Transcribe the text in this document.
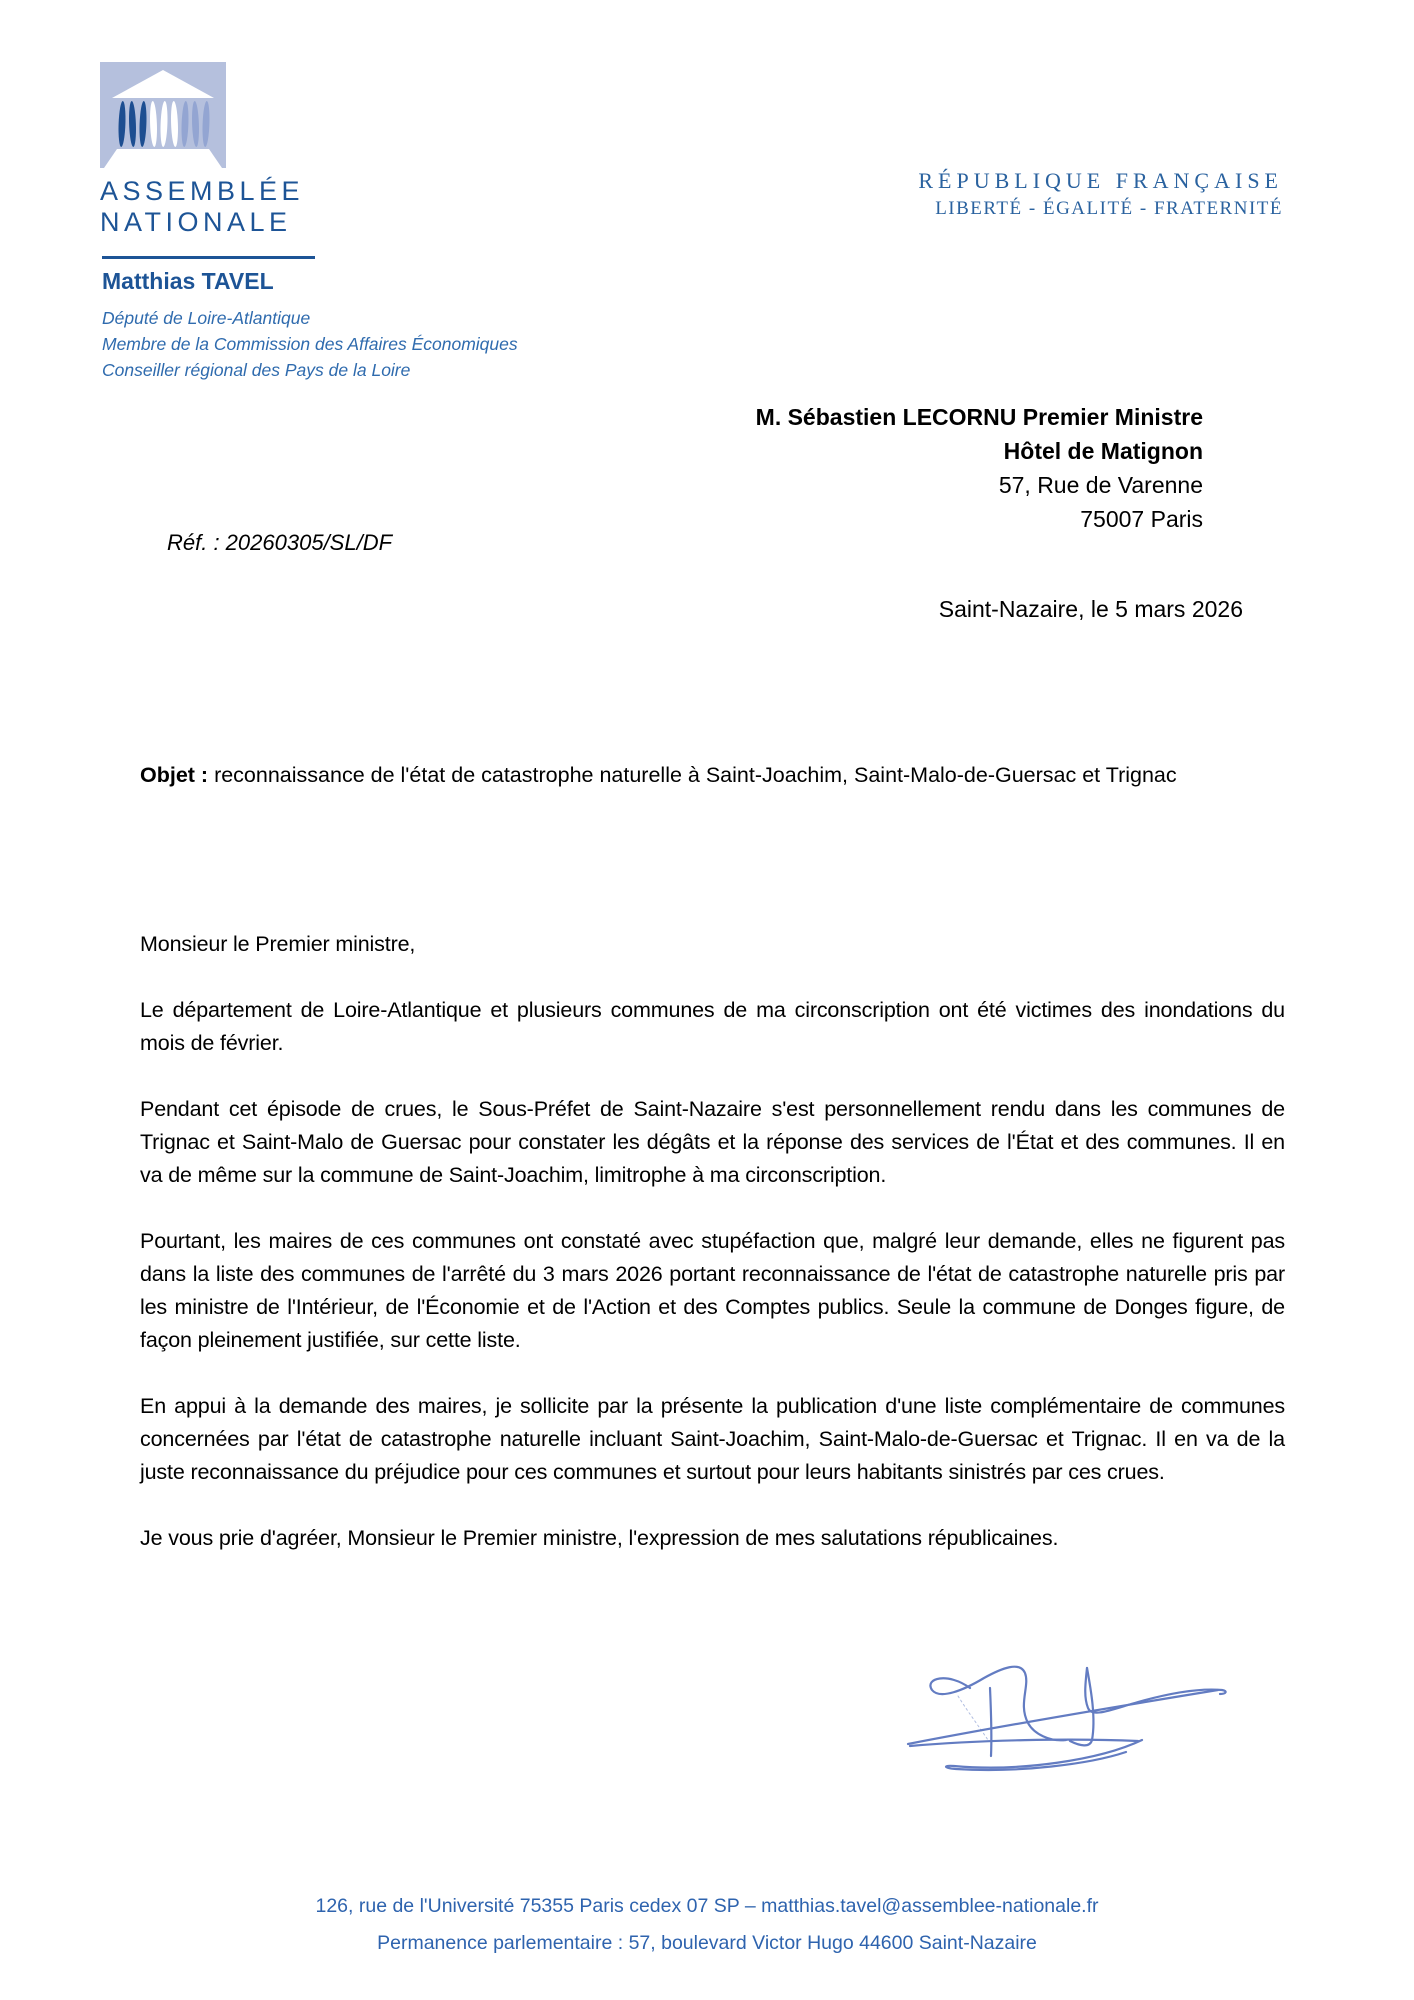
ASSEMBLÉE
NATIONALE
Matthias TAVEL
Député de Loire-Atlantique
Membre de la Commission des Affaires Économiques
Conseiller régional des Pays de la Loire
RÉPUBLIQUE FRANÇAISE
LIBERTÉ - ÉGALITÉ - FRATERNITÉ
M. Sébastien LECORNU Premier Ministre
Hôtel de Matignon
57, Rue de Varenne
75007 Paris
Réf. : 20260305/SL/DF
Saint-Nazaire, le 5 mars 2026
Objet : reconnaissance de l'état de catastrophe naturelle à Saint-Joachim, Saint-Malo-de-Guersac et Trignac

Monsieur le Premier ministre,

Le département de Loire-Atlantique et plusieurs communes de ma circonscription ont été victimes des inondations du mois de février.

Pendant cet épisode de crues, le Sous-Préfet de Saint-Nazaire s'est personnellement rendu dans les communes de Trignac et Saint-Malo de Guersac pour constater les dégâts et la réponse des services de l'État et des communes. Il en va de même sur la commune de Saint-Joachim, limitrophe à ma circonscription.

Pourtant, les maires de ces communes ont constaté avec stupéfaction que, malgré leur demande, elles ne figurent pas dans la liste des communes de l'arrêté du 3 mars 2026 portant reconnaissance de l'état de catastrophe naturelle pris par les ministre de l'Intérieur, de l'Économie et de l'Action et des Comptes publics. Seule la commune de Donges figure, de façon pleinement justifiée, sur cette liste.

En appui à la demande des maires, je sollicite par la présente la publication d'une liste complémentaire de communes concernées par l'état de catastrophe naturelle incluant Saint-Joachim, Saint-Malo-de-Guersac et Trignac. Il en va de la juste reconnaissance du préjudice pour ces communes et surtout pour leurs habitants sinistrés par ces crues.

Je vous prie d'agréer, Monsieur le Premier ministre, l'expression de mes salutations républicaines.

126, rue de l'Université 75355 Paris cedex 07 SP – matthias.tavel@assemblee-nationale.fr
Permanence parlementaire : 57, boulevard Victor Hugo 44600 Saint-Nazaire
